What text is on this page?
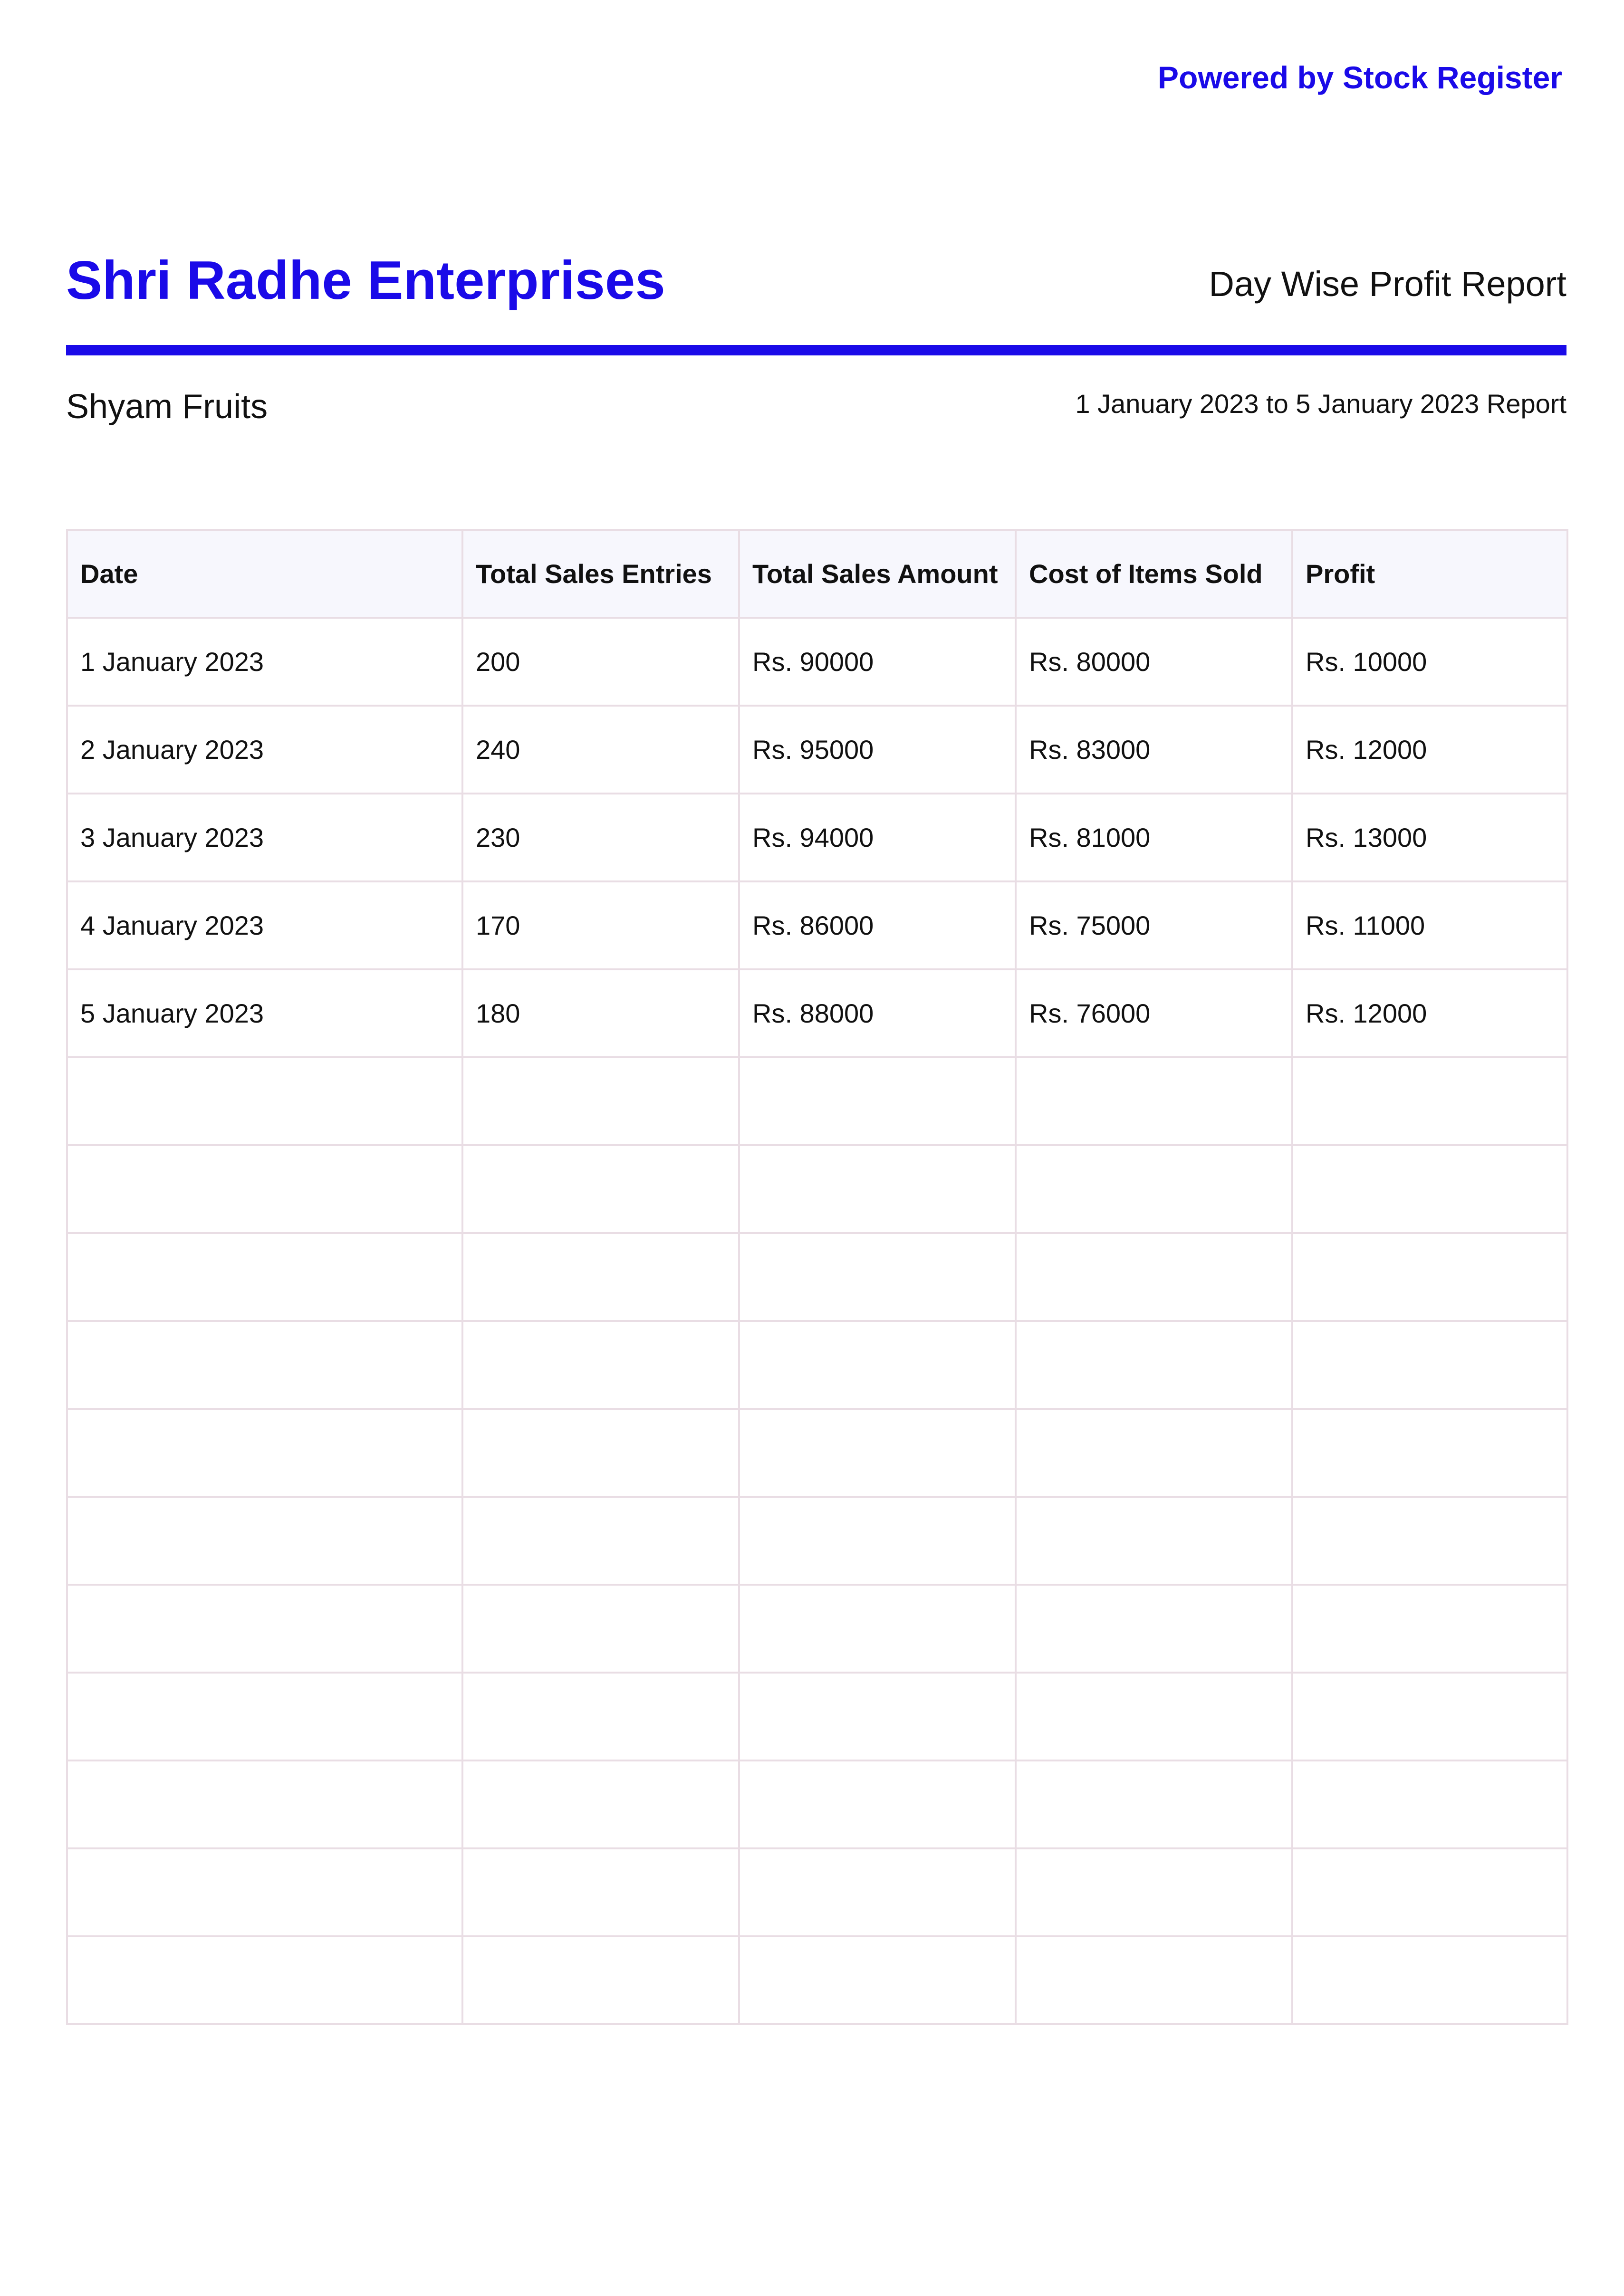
Powered by Stock Register
Shri Radhe Enterprises	Day Wise Profit Report
Shyam Fruits	1 January 2023 to 5 January 2023 Report
Date	Total Sales Entries	Total Sales Amount	Cost of Items Sold	Profit
1 January 2023	200	Rs. 90000	Rs. 80000	Rs. 10000
2 January 2023	240	Rs. 95000	Rs. 83000	Rs. 12000
3 January 2023	230	Rs. 94000	Rs. 81000	Rs. 13000
4 January 2023	170	Rs. 86000	Rs. 75000	Rs. 11000
5 January 2023	180	Rs. 88000	Rs. 76000	Rs. 12000
